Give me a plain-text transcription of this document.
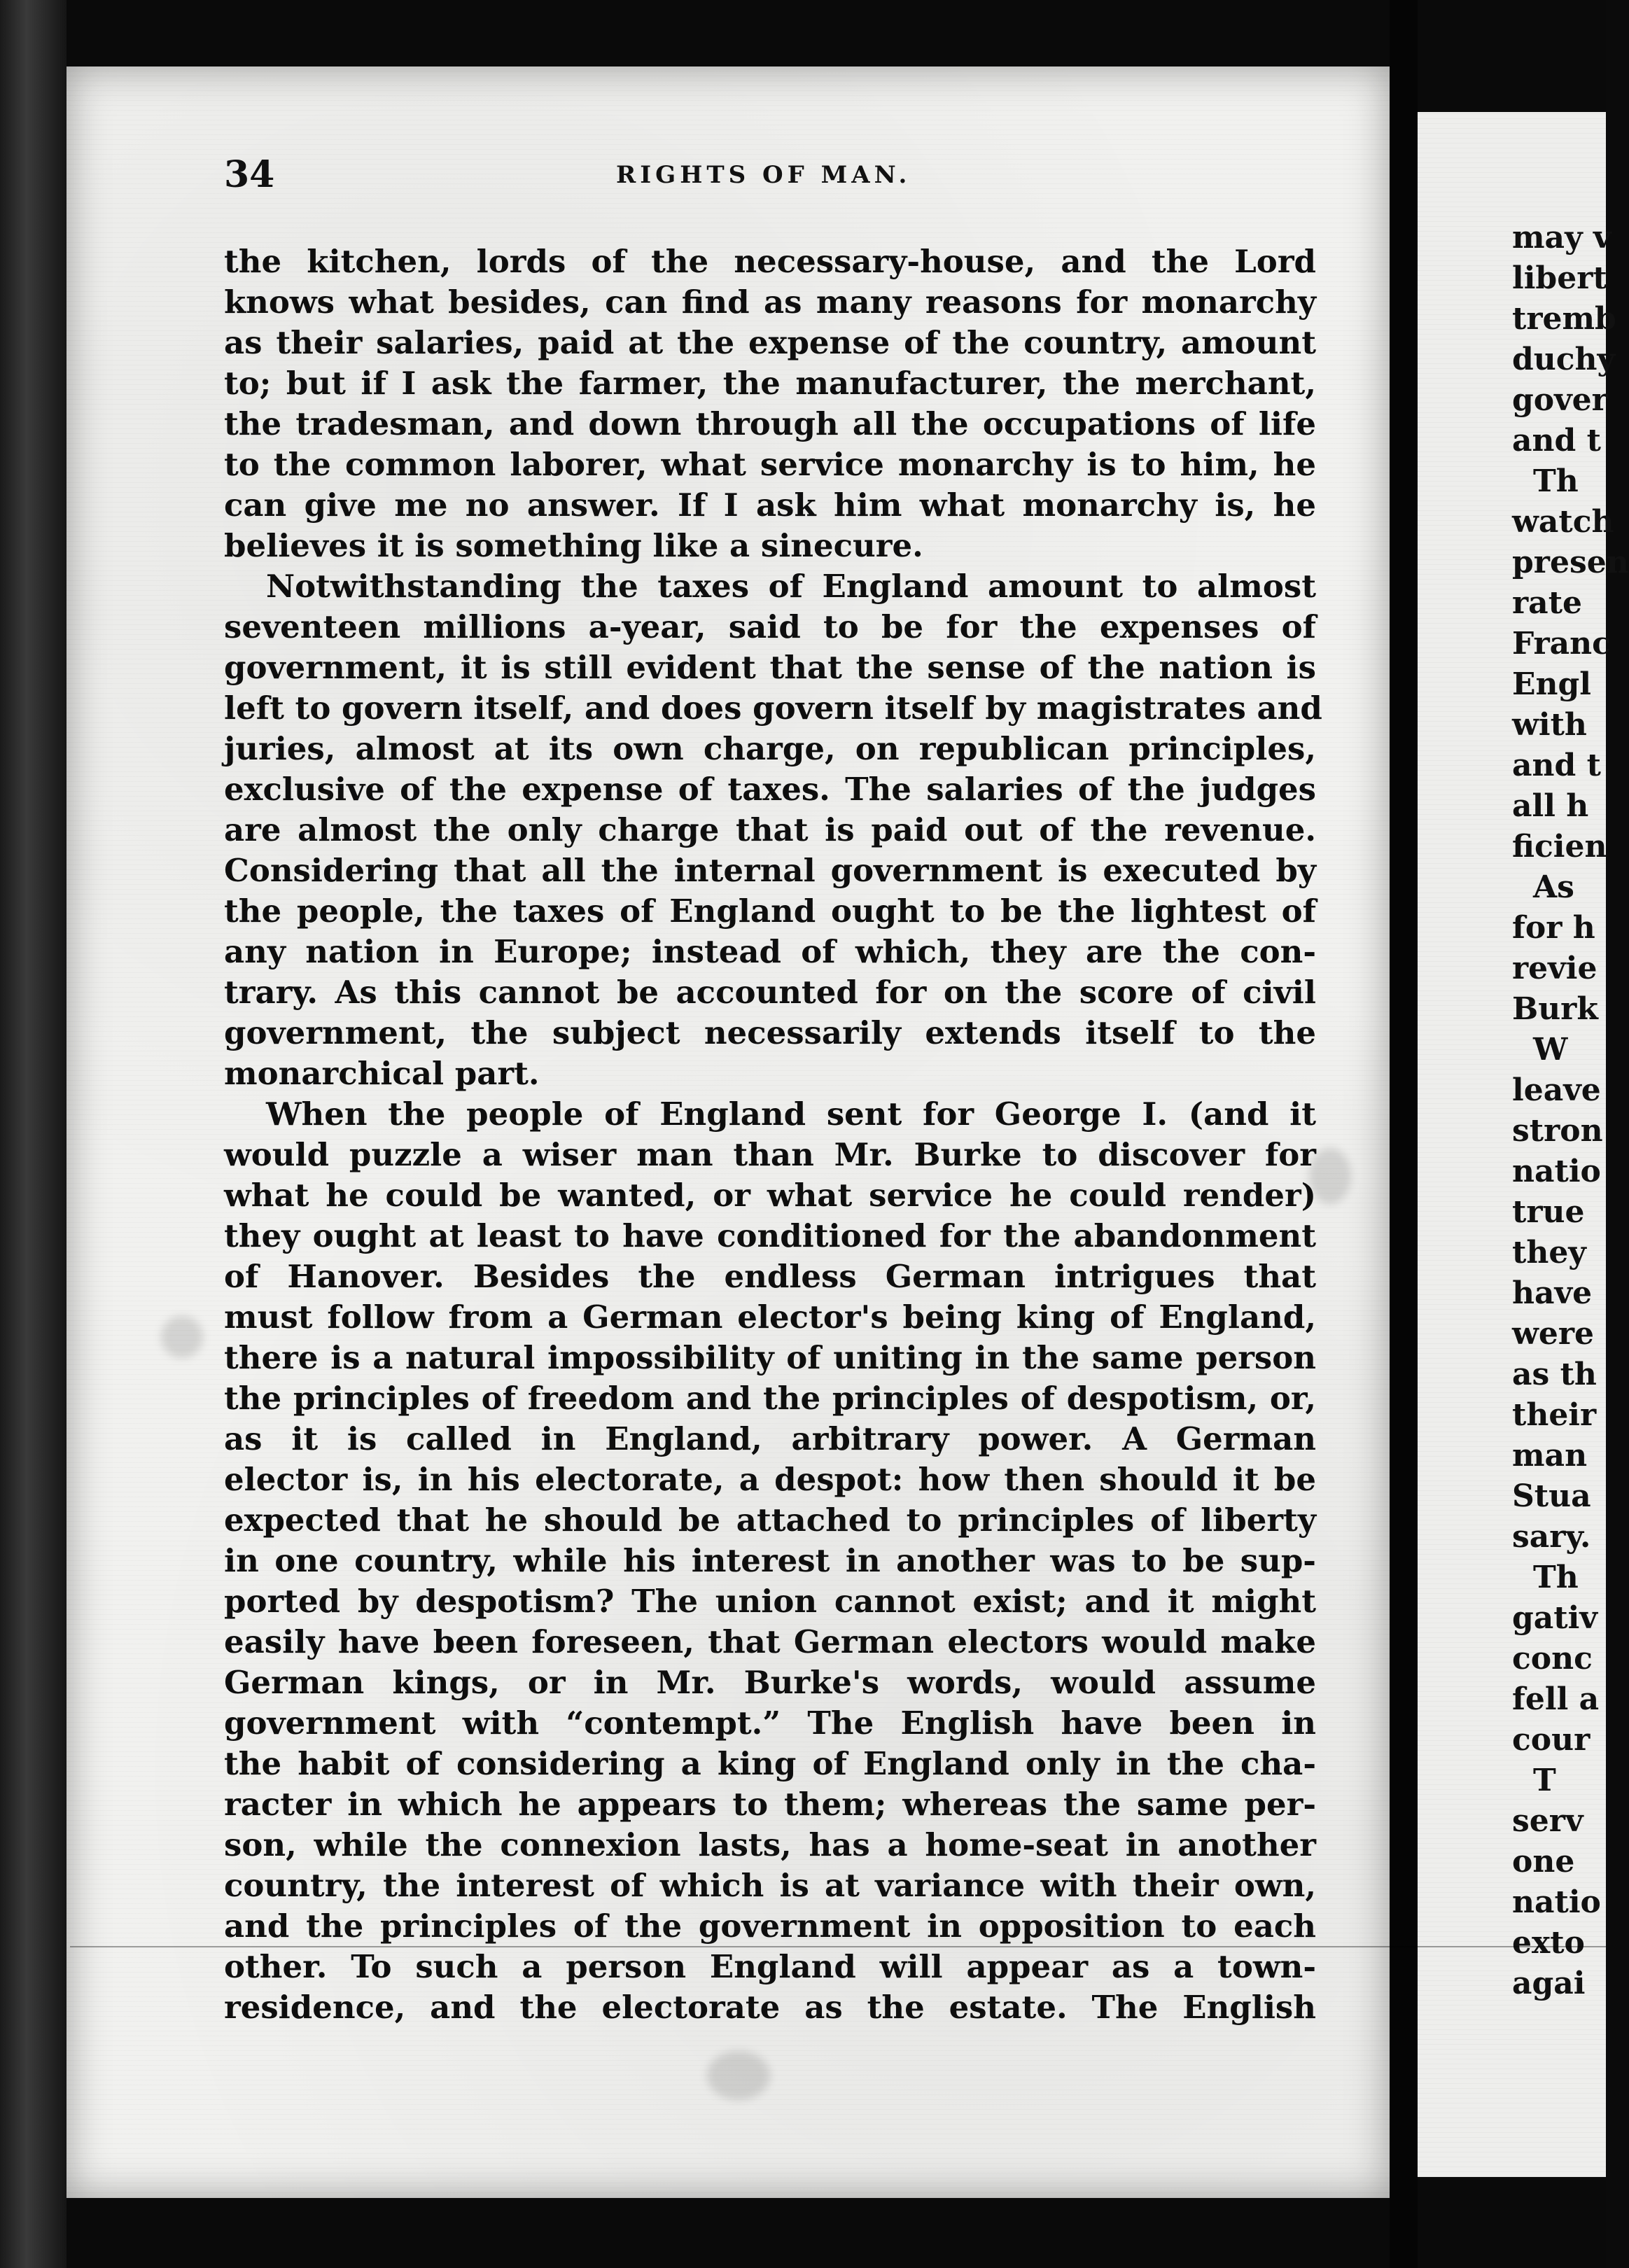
34	RIGHTS OF MAN.
the kitchen, lords of the necessary-house, and the Lord
knows what besides, can find as many reasons for monarchy
as their salaries, paid at the expense of the country, amount
to; but if I ask the farmer, the manufacturer, the merchant,
the tradesman, and down through all the occupations of life
to the common laborer, what service monarchy is to him, he
can give me no answer. If I ask him what monarchy is, he
believes it is something like a sinecure.
Notwithstanding the taxes of England amount to almost
seventeen millions a-year, said to be for the expenses of
government, it is still evident that the sense of the nation is
left to govern itself, and does govern itself by magistrates and
juries, almost at its own charge, on republican principles,
exclusive of the expense of taxes. The salaries of the judges
are almost the only charge that is paid out of the revenue.
Considering that all the internal government is executed by
the people, the taxes of England ought to be the lightest of
any nation in Europe; instead of which, they are the con-
trary. As this cannot be accounted for on the score of civil
government, the subject necessarily extends itself to the
monarchical part.
When the people of England sent for George I. (and it
would puzzle a wiser man than Mr. Burke to discover for
what he could be wanted, or what service he could render)
they ought at least to have conditioned for the abandonment
of Hanover. Besides the endless German intrigues that
must follow from a German elector's being king of England,
there is a natural impossibility of uniting in the same person
the principles of freedom and the principles of despotism, or,
as it is called in England, arbitrary power. A German
elector is, in his electorate, a despot: how then should it be
expected that he should be attached to principles of liberty
in one country, while his interest in another was to be sup-
ported by despotism? The union cannot exist; and it might
easily have been foreseen, that German electors would make
German kings, or in Mr. Burke's words, would assume
government with “contempt.” The English have been in
the habit of considering a king of England only in the cha-
racter in which he appears to them; whereas the same per-
son, while the connexion lasts, has a home-seat in another
country, the interest of which is at variance with their own,
and the principles of the government in opposition to each
other. To such a person England will appear as a town-
residence, and the electorate as the estate. The English
may v
libert
tremb
duchy
gover
and t
Th
watch
presen
rate
Franc
Engl
with
and t
all h
ficien
As
for h
revie
Burk
W
leave
stron
natio
true
they
have
were
as th
their
man
Stua
sary.
Th
gativ
conc
fell a
cour
T
serv
one
natio
exto
agai
